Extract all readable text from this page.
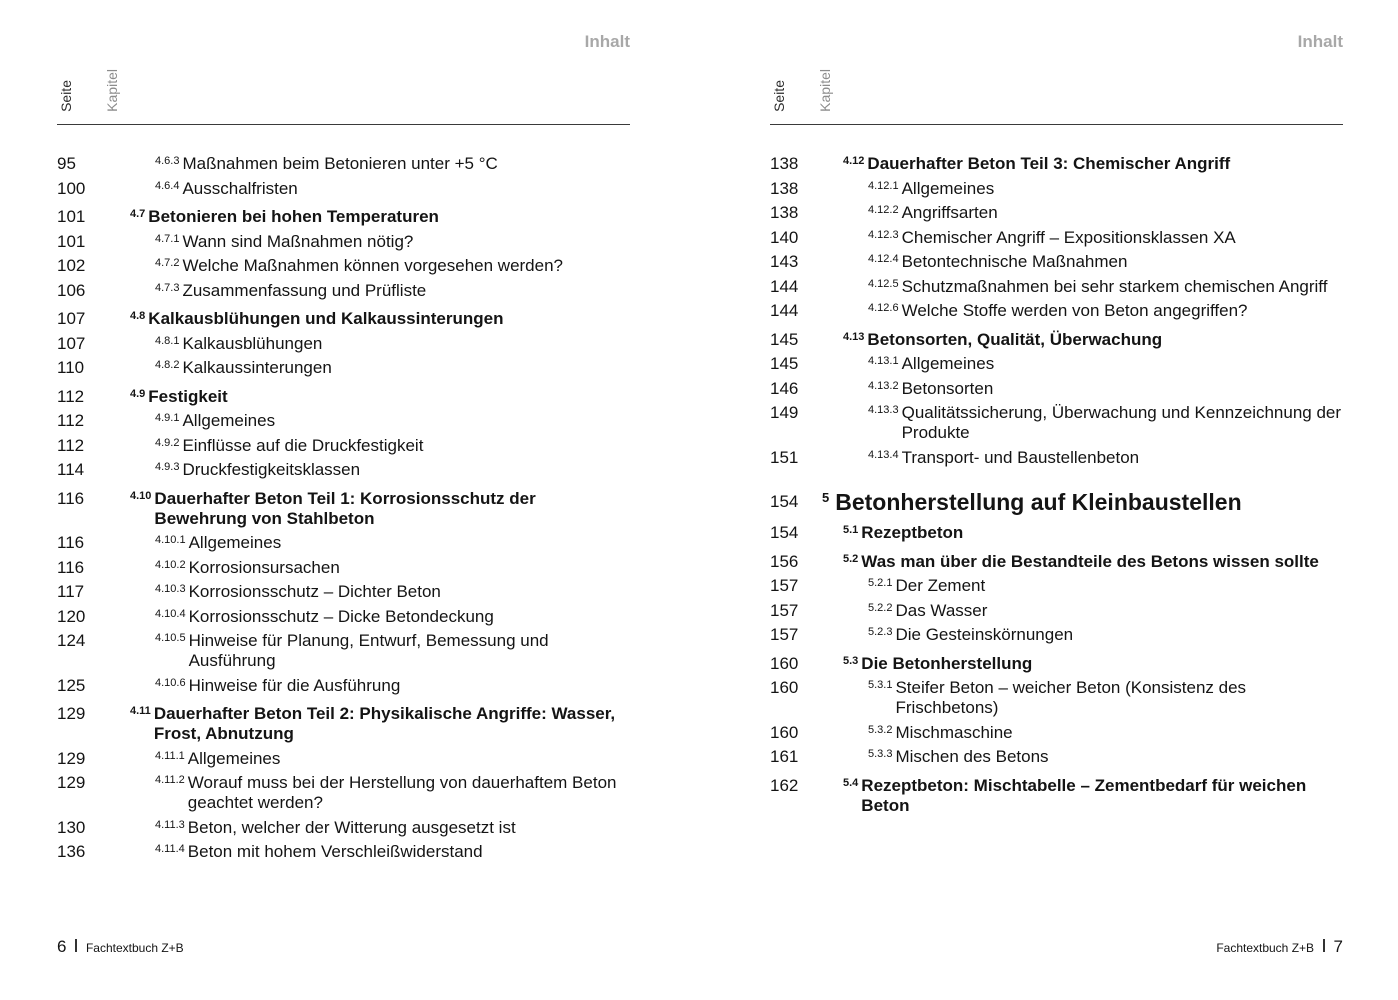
Inhalt
Seite Kapitel
95	4.6.3 Maßnahmen beim Betonieren unter +5 °C
100	4.6.4 Ausschalfristen
101	4.7 Betonieren bei hohen Temperaturen
101	4.7.1 Wann sind Maßnahmen nötig?
102	4.7.2 Welche Maßnahmen können vorgesehen werden?
106	4.7.3 Zusammenfassung und Prüfliste
107	4.8 Kalkausblühungen und Kalkaussinterungen
107	4.8.1 Kalkausblühungen
110	4.8.2 Kalkaussinterungen
112	4.9 Festigkeit
112	4.9.1 Allgemeines
112	4.9.2 Einflüsse auf die Druckfestigkeit
114	4.9.3 Druckfestigkeitsklassen
116	4.10 Dauerhafter Beton Teil 1: Korrosionsschutz der Bewehrung von Stahlbeton
116	4.10.1 Allgemeines
116	4.10.2 Korrosionsursachen
117	4.10.3 Korrosionsschutz – Dichter Beton
120	4.10.4 Korrosionsschutz – Dicke Betondeckung
124	4.10.5 Hinweise für Planung, Entwurf, Bemessung und Ausführung
125	4.10.6 Hinweise für die Ausführung
129	4.11 Dauerhafter Beton Teil 2: Physikalische Angriffe: Wasser, Frost, Abnutzung
129	4.11.1 Allgemeines
129	4.11.2 Worauf muss bei der Herstellung von dauerhaftem Beton geachtet werden?
130	4.11.3 Beton, welcher der Witterung ausgesetzt ist
136	4.11.4 Beton mit hohem Verschleißwiderstand
6 Fachtextbuch Z+B
Inhalt
Seite Kapitel
138	4.12 Dauerhafter Beton Teil 3: Chemischer Angriff
138	4.12.1 Allgemeines
138	4.12.2 Angriffsarten
140	4.12.3 Chemischer Angriff – Expositionsklassen XA
143	4.12.4 Betontechnische Maßnahmen
144	4.12.5 Schutzmaßnahmen bei sehr starkem chemischen Angriff
144	4.12.6 Welche Stoffe werden von Beton angegriffen?
145	4.13 Betonsorten, Qualität, Überwachung
145	4.13.1 Allgemeines
146	4.13.2 Betonsorten
149	4.13.3 Qualitätssicherung, Überwachung und Kennzeichnung der Produkte
151	4.13.4 Transport- und Baustellenbeton
154	5 Betonherstellung auf Kleinbaustellen
154	5.1 Rezeptbeton
156	5.2 Was man über die Bestandteile des Betons wissen sollte
157	5.2.1 Der Zement
157	5.2.2 Das Wasser
157	5.2.3 Die Gesteinskörnungen
160	5.3 Die Betonherstellung
160	5.3.1 Steifer Beton – weicher Beton (Konsistenz des Frischbetons)
160	5.3.2 Mischmaschine
161	5.3.3 Mischen des Betons
162	5.4 Rezeptbeton: Mischtabelle – Zementbedarf für weichen Beton
Fachtextbuch Z+B 7
